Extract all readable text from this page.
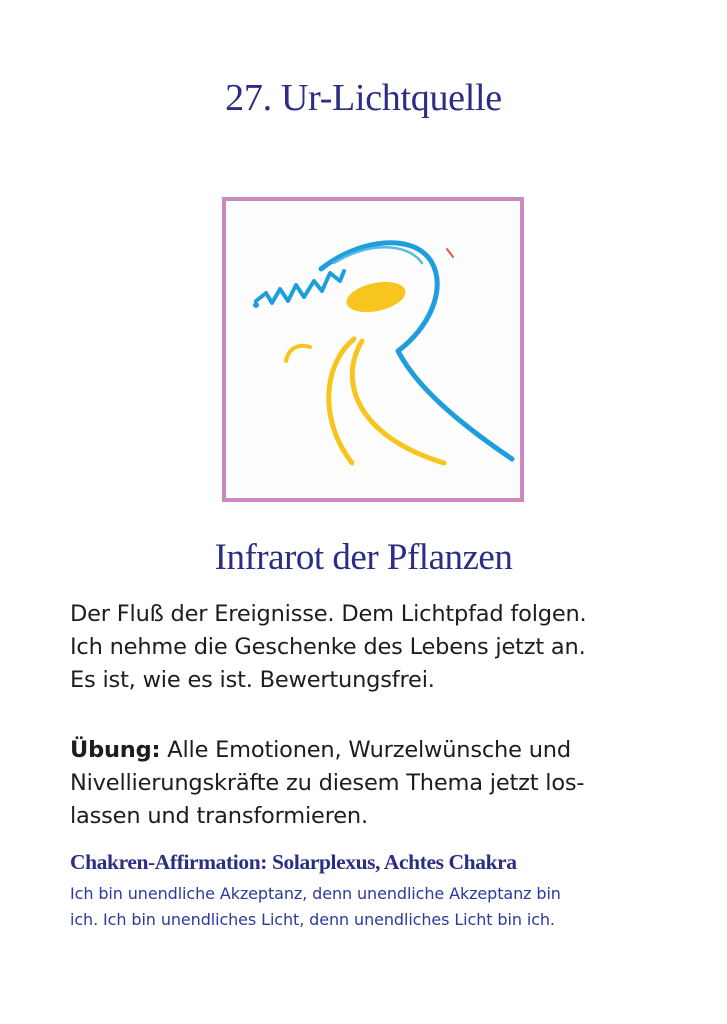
27. Ur-Lichtquelle
Infrarot der Pflanzen
Der Fluß der Ereignisse. Dem Lichtpfad folgen.
Ich nehme die Geschenke des Lebens jetzt an.
Es ist, wie es ist. Bewertungsfrei.
Übung: Alle Emotionen, Wurzelwünsche und
Nivellierungskräfte zu diesem Thema jetzt los-
lassen und transformieren.
Chakren-Affirmation: Solarplexus, Achtes Chakra
Ich bin unendliche Akzeptanz, denn unendliche Akzeptanz bin
ich. Ich bin unendliches Licht, denn unendliches Licht bin ich.
